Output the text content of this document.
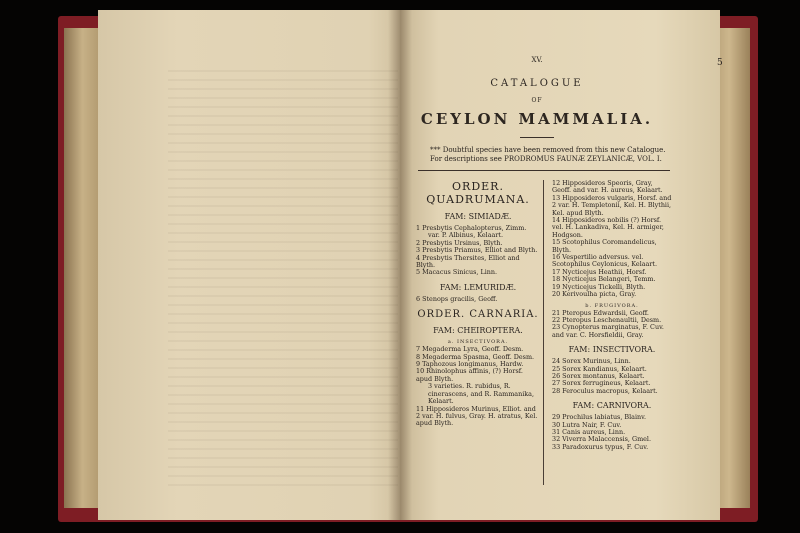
XV.
CATALOGUE
OF
CEYLON MAMMALIA.
*** Doubtful species have been removed from this new Catalogue.
For descriptions see PRODROMUS FAUNÆ ZEYLANICÆ, VOL. I.
ORDER.
QUADRUMANA.
FAM: SIMIADÆ.
1 Presbytis Cephalopterus, Zimm.
var. P. Albinus, Kelaart.
2 Presbytis Ursinus, Blyth.
3 Presbytis Priamus, Elliot and Blyth.
4 Presbytis Thersites, Elliot and Blyth.
5 Macacus Sinicus, Linn.
FAM: LEMURIDÆ.
6 Stenops gracilis, Geoff.
ORDER. CARNARIA.
FAM: CHEIROPTERA.
a. INSECTIVORA.
7 Megaderma Lyra, Geoff. Desm.
8 Megaderma Spasma, Geoff. Desm.
9 Taphozous longimanus, Hardw.
10 Rhinolophus affinis, (?) Horsf. apud Blyth.
3 varieties. R. rubidus, R. cinerascens, and R. Rammanika, Kelaart.
11 Hipposideros Murinus, Elliot. and 2 var. H. fulvus, Gray. H. atratus, Kel. apud Blyth.
12 Hipposideros Speoris, Gray, Geoff. and var. H. aureus, Kelaart.
13 Hipposideros vulgaris, Horsf. and 2 var. H. Templetonii, Kel. H. Blythii, Kel. apud Blyth.
14 Hipposideros nobilis (?) Horsf. vel. H. Lankadiva, Kel. H. armiger, Hodgson.
15 Scotophilus Coromandelicus, Blyth.
16 Vespertilio adversus. vel. Scotophilus Ceylonicus, Kelaart.
17 Nycticejus Heathii, Horsf.
18 Nycticejus Belangeri, Temm.
19 Nycticejus Tickelli, Blyth.
20 Kerivoulha picta, Gray.
b. FRUGIVORA.
21 Pteropus Edwardsii, Geoff.
22 Pteropus Leschenaultii, Desm.
23 Cynopterus marginatus, F. Cuv. and var. C. Horsfieldii, Gray.
FAM: INSECTIVORA.
24 Sorex Murinus, Linn.
25 Sorex Kandianus, Kelaart.
26 Sorex montanus, Kelaart.
27 Sorex ferrugineus, Kelaart.
28 Feroculus macropus, Kelaart.
FAM: CARNIVORA.
29 Prochilus labiatus, Blainv.
30 Lutra Nair, F. Cuv.
31 Canis aureus, Linn.
32 Viverra Malaccensis, Gmel.
33 Paradoxurus typus, F. Cuv.
5
